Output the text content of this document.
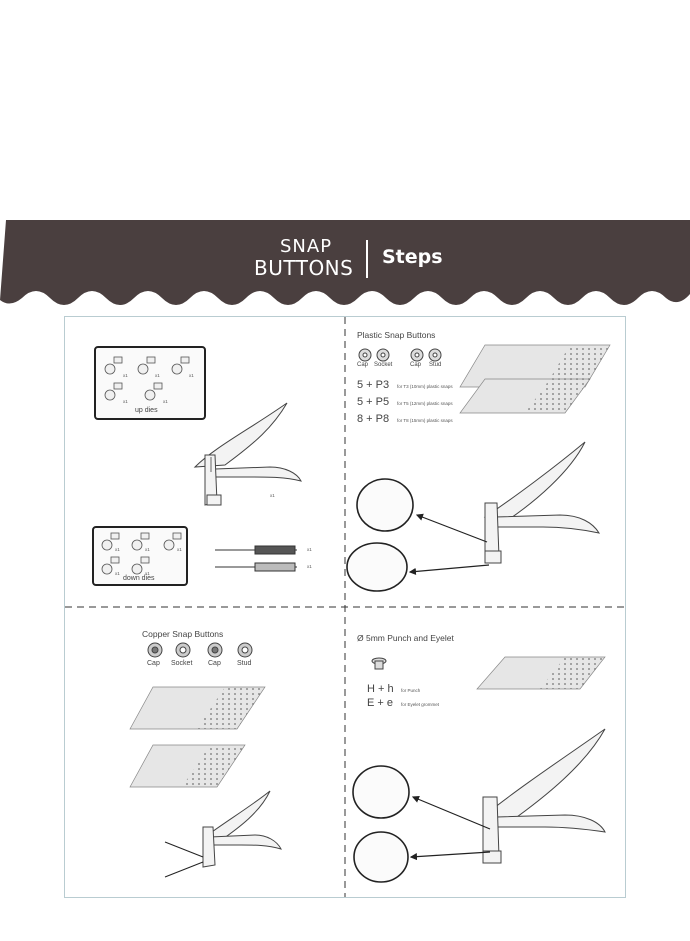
SNAP
BUTTONS Steps
up dies
down dies
x1	x1	x1
x1	x1
x1	x1	x1
x1	x1
x1
x1
x1
Plastic Snap Buttons
Cap Socket	Cap Stud
5 + P3 for T3 (10mm) plastic snaps
5 + P5 for T5 (12mm) plastic snaps
8 + P8 for T8 (15mm) plastic snaps
Copper Snap Buttons
Cap Socket Cap Stud
Ø 5mm Punch and Eyelet
H + h for Punch
E + e for Eyelet grommet
